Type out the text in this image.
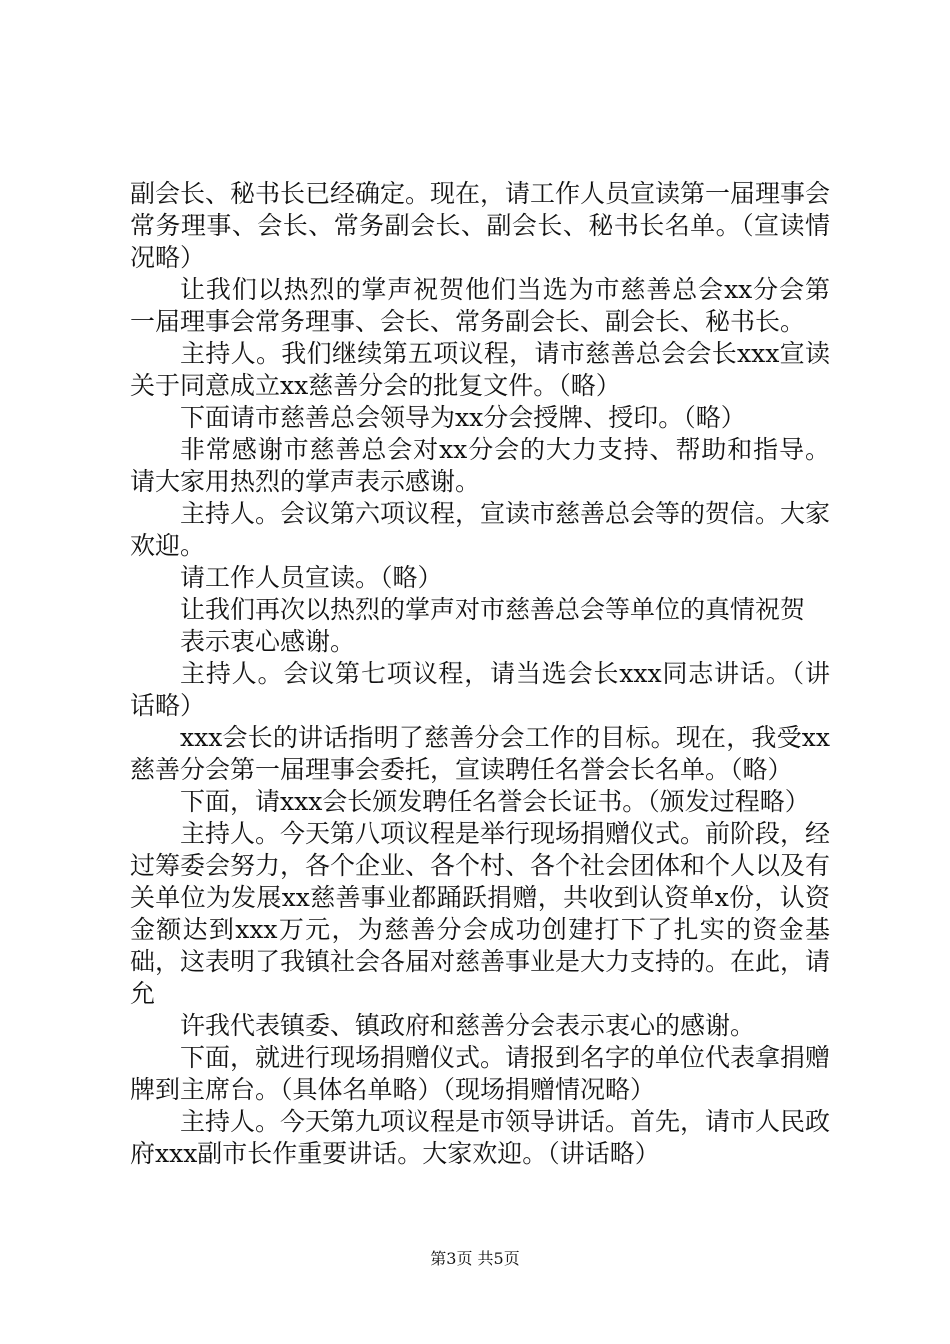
副会长、秘书长已经确定。现在，请工作人员宣读第一届理事会常务理事、会长、常务副会长、副会长、秘书长名单。（宣读情况略）

让我们以热烈的掌声祝贺他们当选为市慈善总会xx分会第一届理事会常务理事、会长、常务副会长、副会长、秘书长。

主持人。我们继续第五项议程，请市慈善总会会长xxx宣读关于同意成立xx慈善分会的批复文件。（略）

下面请市慈善总会领导为xx分会授牌、授印。（略）

非常感谢市慈善总会对xx分会的大力支持、帮助和指导。请大家用热烈的掌声表示感谢。

主持人。会议第六项议程，宣读市慈善总会等的贺信。大家欢迎。

请工作人员宣读。（略）

让我们再次以热烈的掌声对市慈善总会等单位的真情祝贺

表示衷心感谢。

主持人。会议第七项议程，请当选会长xxx同志讲话。（讲话略）

xxx会长的讲话指明了慈善分会工作的目标。现在，我受xx慈善分会第一届理事会委托，宣读聘任名誉会长名单。（略）

下面，请xxx会长颁发聘任名誉会长证书。（颁发过程略）

主持人。今天第八项议程是举行现场捐赠仪式。前阶段，经过筹委会努力，各个企业、各个村、各个社会团体和个人以及有关单位为发展xx慈善事业都踊跃捐赠，共收到认资单x份，认资金额达到xxx万元，为慈善分会成功创建打下了扎实的资金基础，这表明了我镇社会各届对慈善事业是大力支持的。在此，请允

许我代表镇委、镇政府和慈善分会表示衷心的感谢。

下面，就进行现场捐赠仪式。请报到名字的单位代表拿捐赠牌到主席台。（具体名单略）（现场捐赠情况略）

主持人。今天第九项议程是市领导讲话。首先，请市人民政府xxx副市长作重要讲话。大家欢迎。（讲话略）

第3页 共5页
